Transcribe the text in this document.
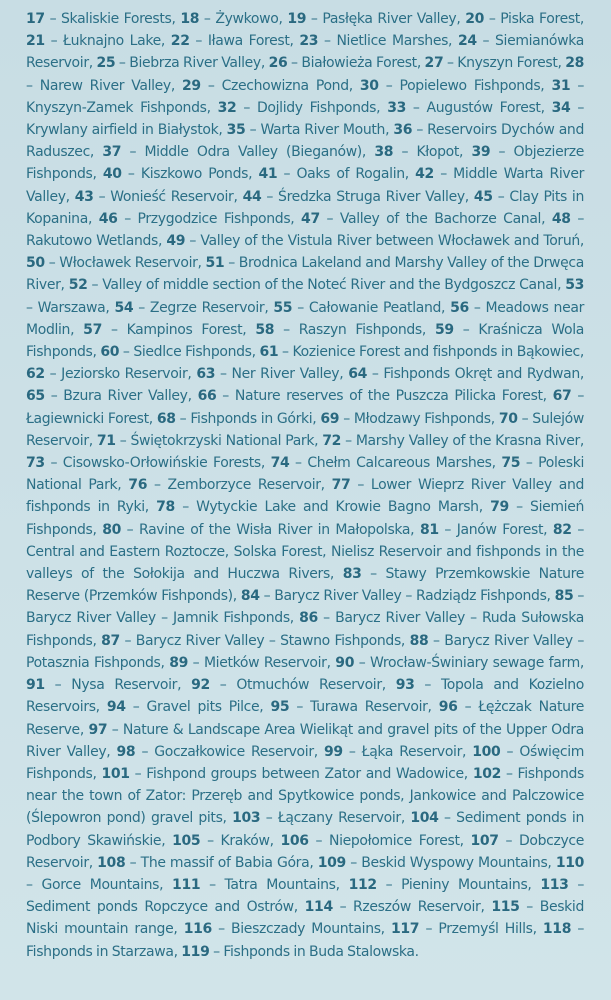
17 – Skaliskie Forests, 18 – Żywkowo, 19 – Pasłęka River Valley, 20 – Piska Forest, 21 – Łuknajno Lake, 22 – Iława Forest, 23 – Nietlice Marshes, 24 – Siemianówka Reservoir, 25 – Biebrza River Valley, 26 – Białowieża Forest, 27 – Knyszyn Forest, 28 – Narew River Valley, 29 – Czechowizna Pond, 30 – Popielewo Fishponds, 31 – Knyszyn-Zamek Fishponds, 32 – Dojlidy Fishponds, 33 – Augustów Forest, 34 – Krywlany airfield in Białystok, 35 – Warta River Mouth, 36 – Reservoirs Dychów and Raduszec, 37 – Middle Odra Valley (Bieganów), 38 – Kłopot, 39 – Objezierze Fishponds, 40 – Kiszkowo Ponds, 41 – Oaks of Rogalin, 42 – Middle Warta River Valley, 43 – Wonieść Reservoir, 44 – Średzka Struga River Valley, 45 – Clay Pits in Kopanina, 46 – Przygodzice Fishponds, 47 – Valley of the Bachorze Canal, 48 – Rakutowo Wetlands, 49 – Valley of the Vistula River between Włocławek and Toruń, 50 – Włocławek Reservoir, 51 – Brodnica Lakeland and Marshy Valley of the Drwęca River, 52 – Valley of middle section of the Noteć River and the Bydgoszcz Canal, 53 – Warszawa, 54 – Zegrze Reservoir, 55 – Całowanie Peatland, 56 – Meadows near Modlin, 57 – Kampinos Forest, 58 – Raszyn Fishponds, 59 – Kraśnicza Wola Fishponds, 60 – Siedlce Fishponds, 61 – Kozienice Forest and fishponds in Bąkowiec, 62 – Jeziorsko Reservoir, 63 – Ner River Valley, 64 – Fishponds Okręt and Rydwan, 65 – Bzura River Valley, 66 – Nature reserves of the Puszcza Pilicka Forest, 67 – Łagiewnicki Forest, 68 – Fishponds in Górki, 69 – Młodzawy Fishponds, 70 – Sulejów Reservoir, 71 – Świętokrzyski National Park, 72 – Marshy Valley of the Krasna River, 73 – Cisowsko-Orłowińskie Forests, 74 – Chełm Calcareous Marshes, 75 – Poleski National Park, 76 – Zemborzyce Reservoir, 77 – Lower Wieprz River Valley and fishponds in Ryki, 78 – Wytyckie Lake and Krowie Bagno Marsh, 79 – Siemień Fishponds, 80 – Ravine of the Wisła River in Małopolska, 81 – Janów Forest, 82 – Central and Eastern Roztocze, Solska Forest, Nielisz Reservoir and fishponds in the valleys of the Sołokija and Huczwa Rivers, 83 – Stawy Przemkowskie Nature Reserve (Przemków Fishponds), 84 – Barycz River Valley – Radziądz Fishponds, 85 – Barycz River Valley – Jamnik Fishponds, 86 – Barycz River Valley – Ruda Sułowska Fishponds, 87 – Barycz River Valley – Stawno Fishponds, 88 – Barycz River Valley – Potasznia Fishponds, 89 – Mietków Reservoir, 90 – Wrocław-Świniary sewage farm, 91 – Nysa Reservoir, 92 – Otmuchów Reservoir, 93 – Topola and Kozielno Reservoirs, 94 – Gravel pits Pilce, 95 – Turawa Reservoir, 96 – Łężczak Nature Reserve, 97 – Nature & Landscape Area Wielikąt and gravel pits of the Upper Odra River Valley, 98 – Goczałkowice Reservoir, 99 – Łąka Reservoir, 100 – Oświęcim Fishponds, 101 – Fishpond groups between Zator and Wadowice, 102 – Fishponds near the town of Zator: Przeręb and Spytkowice ponds, Jankowice and Palczowice (Ślepowron pond) gravel pits, 103 – Łączany Reservoir, 104 – Sediment ponds in Podbory Skawińskie, 105 – Kraków, 106 – Niepołomice Forest, 107 – Dobczyce Reservoir, 108 – The massif of Babia Góra, 109 – Beskid Wyspowy Mountains, 110 – Gorce Mountains, 111 – Tatra Mountains, 112 – Pieniny Mountains, 113 – Sediment ponds Ropczyce and Ostrów, 114 – Rzeszów Reservoir, 115 – Beskid Niski mountain range, 116 – Bieszczady Mountains, 117 – Przemyśl Hills, 118 – Fishponds in Starzawa, 119 – Fishponds in Buda Stalowska.
